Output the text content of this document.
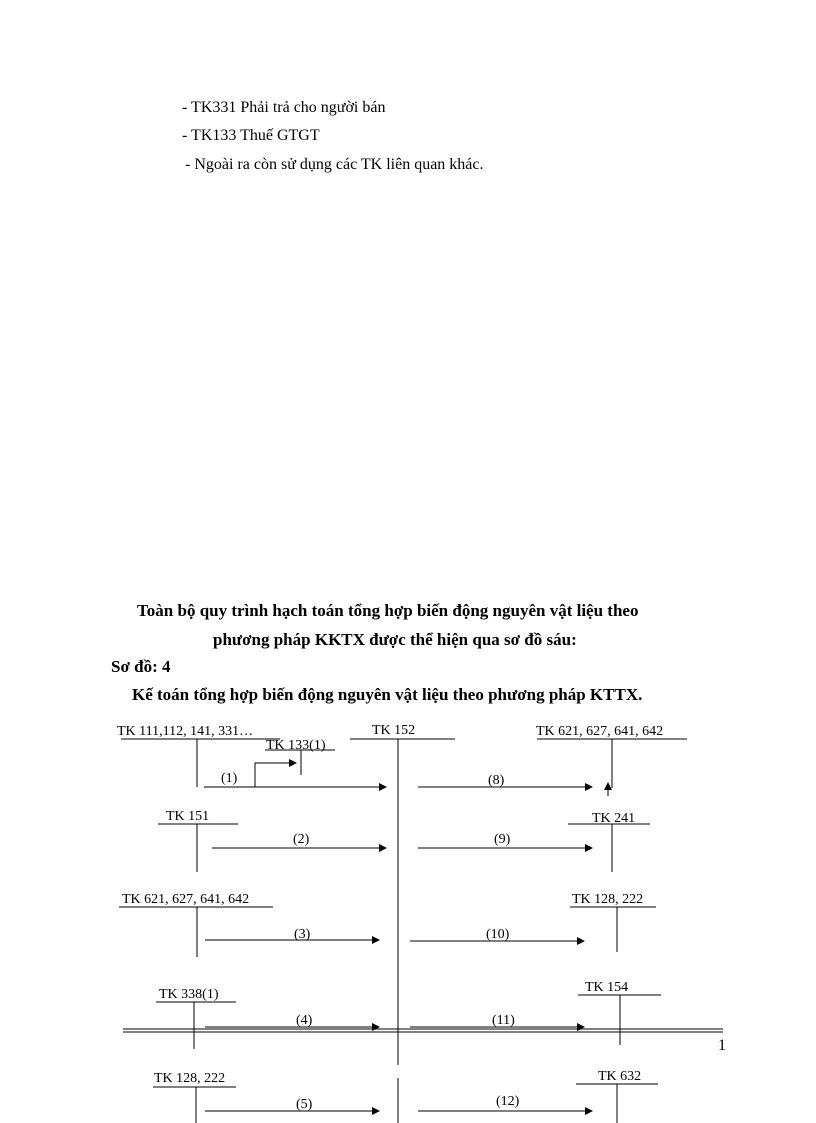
- TK331 Phải trả cho người bán
- TK133 Thuế GTGT
- Ngoài ra còn sử dụng các TK liên quan khác.
Toàn bộ quy trình hạch toán tổng hợp biến động nguyên vật liệu theo
phương pháp KKTX được thể hiện qua sơ đồ sáu:
Sơ đồ: 4
Kế toán tổng hợp biến động nguyên vật liệu theo phương pháp KTTX.
TK 111,112, 141, 331…
TK 133(1)
TK 152	TK 621, 627, 641, 642
TK 151	TK 241
TK 621, 627, 641, 642	TK 128, 222
TK 338(1)	TK 154
TK 128, 222	TK 632
(1)
(2)
(3)
(4)
(5)
(8)
(9)
(10)
(11)
(12)
1
